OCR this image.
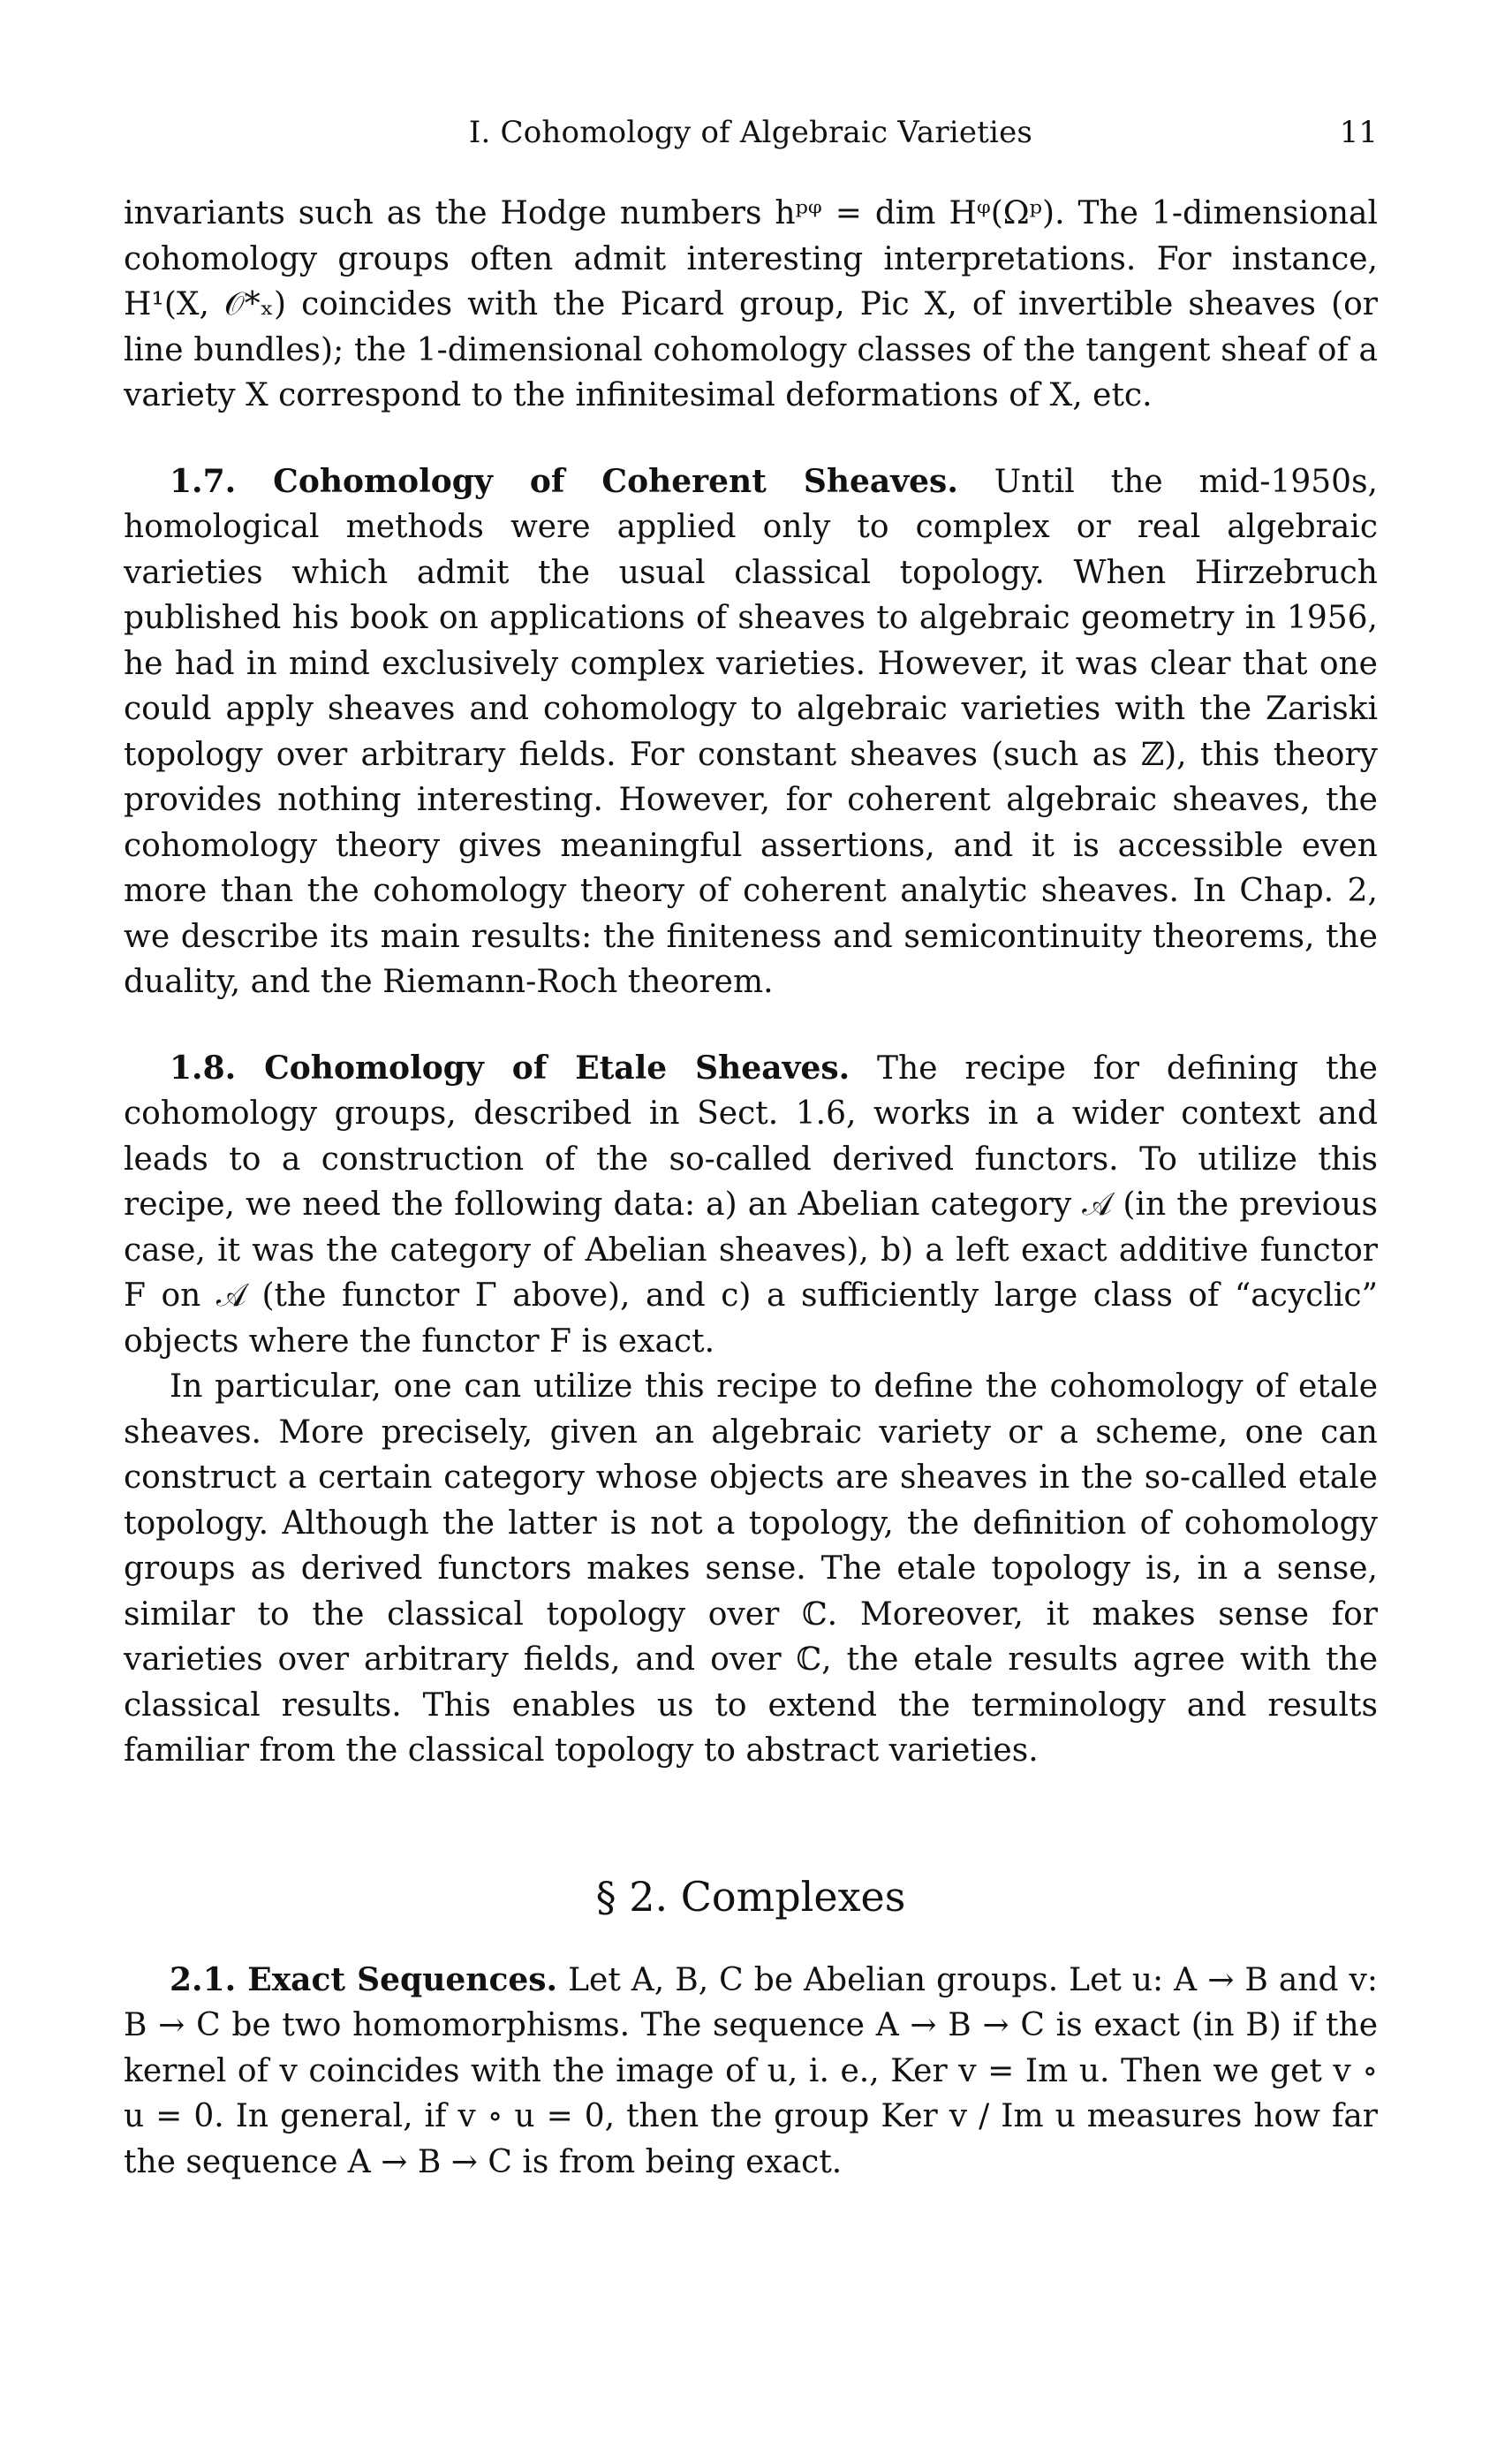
I. Cohomology of Algebraic Varieties	11

invariants such as the Hodge numbers hᵖᵠ = dim Hᵠ(Ωᵖ). The 1-dimensional cohomology groups often admit interesting interpretations. For instance, H¹(X, 𝒪*ₓ) coincides with the Picard group, Pic X, of invertible sheaves (or line bundles); the 1-dimensional cohomology classes of the tangent sheaf of a variety X correspond to the infinitesimal deformations of X, etc.

1.7. Cohomology of Coherent Sheaves. Until the mid-1950s, homological methods were applied only to complex or real algebraic varieties which admit the usual classical topology. When Hirzebruch published his book on applications of sheaves to algebraic geometry in 1956, he had in mind exclusively complex varieties. However, it was clear that one could apply sheaves and cohomology to algebraic varieties with the Zariski topology over arbitrary fields. For constant sheaves (such as ℤ), this theory provides nothing interesting. However, for coherent algebraic sheaves, the cohomology theory gives meaningful assertions, and it is accessible even more than the cohomology theory of coherent analytic sheaves. In Chap. 2, we describe its main results: the finiteness and semicontinuity theorems, the duality, and the Riemann-Roch theorem.

1.8. Cohomology of Etale Sheaves. The recipe for defining the cohomology groups, described in Sect. 1.6, works in a wider context and leads to a construction of the so-called derived functors. To utilize this recipe, we need the following data: a) an Abelian category 𝒜 (in the previous case, it was the category of Abelian sheaves), b) a left exact additive functor F on 𝒜 (the functor Γ above), and c) a sufficiently large class of “acyclic” objects where the functor F is exact.

In particular, one can utilize this recipe to define the cohomology of etale sheaves. More precisely, given an algebraic variety or a scheme, one can construct a certain category whose objects are sheaves in the so-called etale topology. Although the latter is not a topology, the definition of cohomology groups as derived functors makes sense. The etale topology is, in a sense, similar to the classical topology over ℂ. Moreover, it makes sense for varieties over arbitrary fields, and over ℂ, the etale results agree with the classical results. This enables us to extend the terminology and results familiar from the classical topology to abstract varieties.

§ 2. Complexes

2.1. Exact Sequences. Let A, B, C be Abelian groups. Let u: A → B and v: B → C be two homomorphisms. The sequence A → B → C is exact (in B) if the kernel of v coincides with the image of u, i. e., Ker v = Im u. Then we get v ∘ u = 0. In general, if v ∘ u = 0, then the group Ker v / Im u measures how far the sequence A → B → C is from being exact.
